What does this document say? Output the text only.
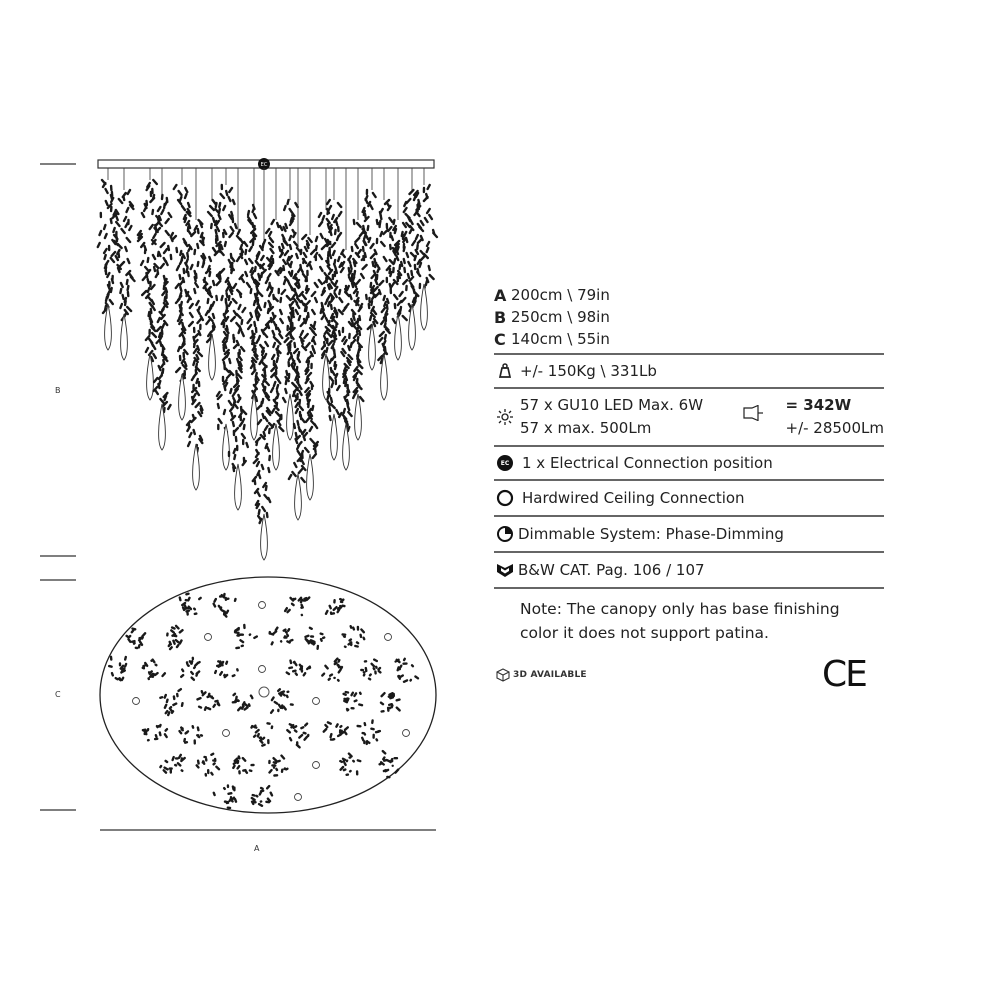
B
C
A
EC
A 200cm \ 79in
B 250cm \ 98in
C 140cm \ 55in
+/- 150Kg \ 331Lb
57 x GU10 LED Max. 6W
57 x max. 500Lm
= 342W
+/- 28500Lm
EC 1 x Electrical Connection position
Hardwired Ceiling Connection
Dimmable System: Phase-Dimming
B&W CAT. Pag. 106 / 107
Note: The canopy only has base finishing
color it does not support patina.
3D AVAILABLE	CE
